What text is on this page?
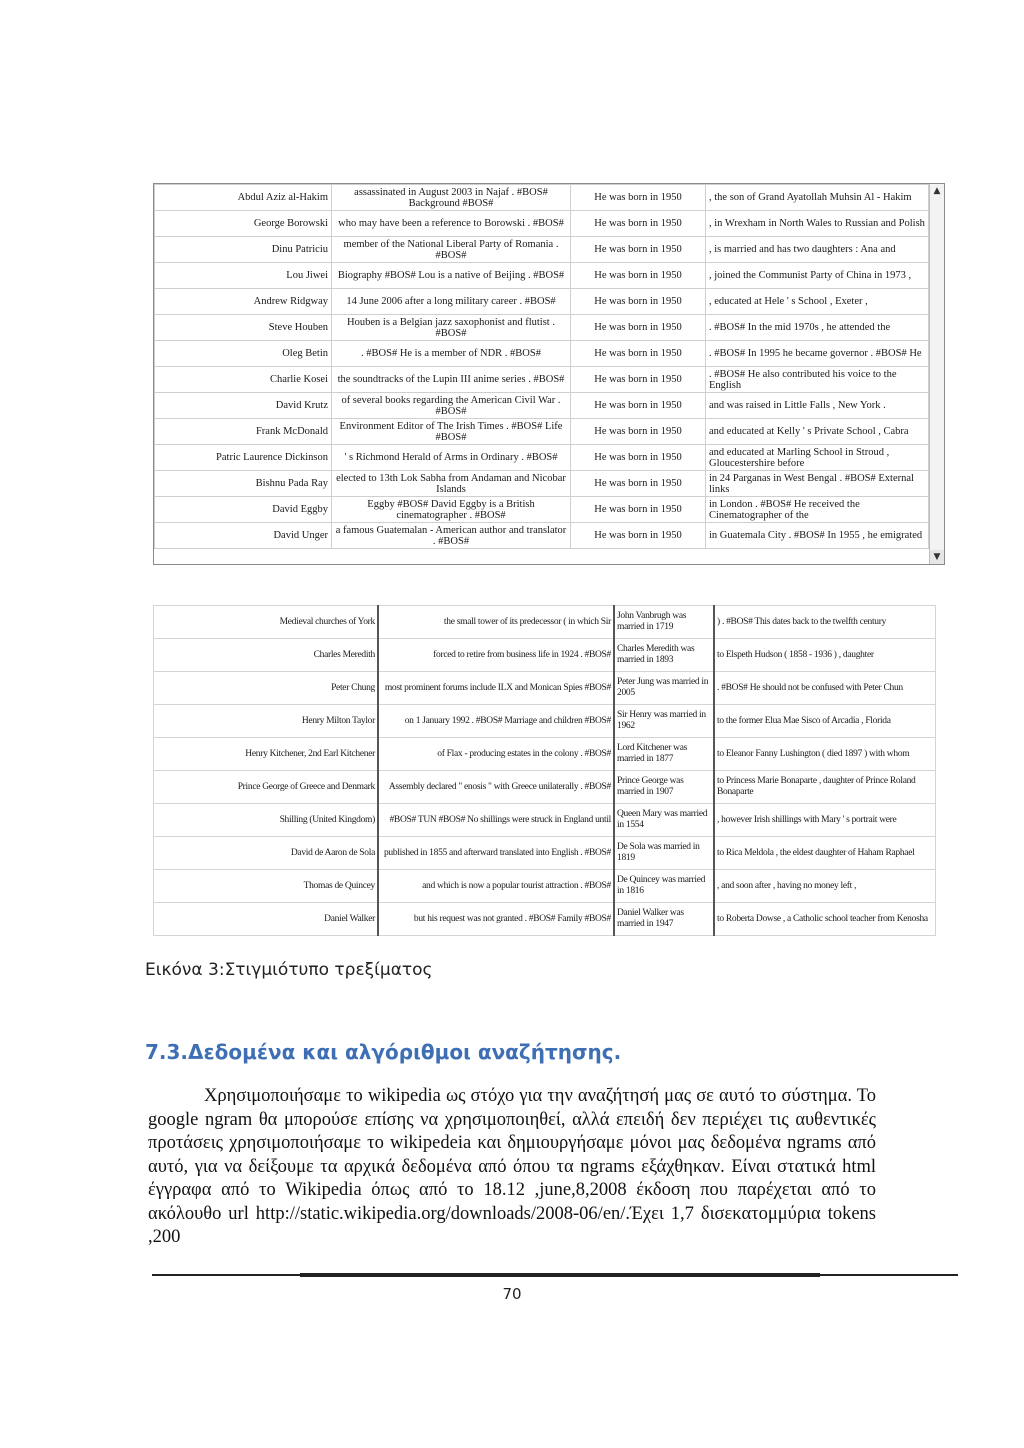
Abdul Aziz al-Hakim	assassinated in August 2003 in Najaf . #BOS# Background #BOS#	He was born in 1950	, the son of Grand Ayatollah Muhsin Al - Hakim
George Borowski	who may have been a reference to Borowski . #BOS#	He was born in 1950	, in Wrexham in North Wales to Russian and Polish
Dinu Patriciu	member of the National Liberal Party of Romania . #BOS#	He was born in 1950	, is married and has two daughters : Ana and
Lou Jiwei	Biography #BOS# Lou is a native of Beijing . #BOS#	He was born in 1950	, joined the Communist Party of China in 1973 ,
Andrew Ridgway	14 June 2006 after a long military career . #BOS#	He was born in 1950	, educated at Hele ' s School , Exeter ,
Steve Houben	Houben is a Belgian jazz saxophonist and flutist . #BOS#	He was born in 1950	. #BOS# In the mid 1970s , he attended the
Oleg Betin	. #BOS# He is a member of NDR . #BOS#	He was born in 1950	. #BOS# In 1995 he became governor . #BOS# He
Charlie Kosei	the soundtracks of the Lupin III anime series . #BOS#	He was born in 1950	. #BOS# He also contributed his voice to the English
David Krutz	of several books regarding the American Civil War . #BOS#	He was born in 1950	and was raised in Little Falls , New York .
Frank McDonald	Environment Editor of The Irish Times . #BOS# Life #BOS#	He was born in 1950	and educated at Kelly ' s Private School , Cabra
Patric Laurence Dickinson	' s Richmond Herald of Arms in Ordinary . #BOS#	He was born in 1950	and educated at Marling School in Stroud , Gloucestershire before
Bishnu Pada Ray	elected to 13th Lok Sabha from Andaman and Nicobar Islands	He was born in 1950	in 24 Parganas in West Bengal . #BOS# External links
David Eggby	Eggby #BOS# David Eggby is a British cinematographer . #BOS#	He was born in 1950	in London . #BOS# He received the Cinematographer of the
David Unger	a famous Guatemalan - American author and translator . #BOS#	He was born in 1950	in Guatemala City . #BOS# In 1955 , he emigrated
▲
▼
Medieval churches of York	the small tower of its predecessor ( in which Sir	John Vanbrugh was married in 1719	) . #BOS# This dates back to the twelfth century
Charles Meredith	forced to retire from business life in 1924 . #BOS#	Charles Meredith was married in 1893	to Elspeth Hudson ( 1858 - 1936 ) , daughter
Peter Chung	most prominent forums include ILX and Monican Spies #BOS#	Peter Jung was married in 2005	. #BOS# He should not be confused with Peter Chun
Henry Milton Taylor	on 1 January 1992 . #BOS# Marriage and children #BOS#	Sir Henry was married in 1962	to the former Elua Mae Sisco of Arcadia , Florida
Henry Kitchener, 2nd Earl Kitchener	of Flax - producing estates in the colony . #BOS#	Lord Kitchener was married in 1877	to Eleanor Fanny Lushington ( died 1897 ) with whom
Prince George of Greece and Denmark	Assembly declared " enosis " with Greece unilaterally . #BOS#	Prince George was married in 1907	to Princess Marie Bonaparte , daughter of Prince Roland Bonaparte
Shilling (United Kingdom)	#BOS# TUN #BOS# No shillings were struck in England until	Queen Mary was married in 1554	, however Irish shillings with Mary ' s portrait were
David de Aaron de Sola	published in 1855 and afterward translated into English . #BOS#	De Sola was married in 1819	to Rica Meldola , the eldest daughter of Haham Raphael
Thomas de Quincey	and which is now a popular tourist attraction . #BOS#	De Quincey was married in 1816	, and soon after , having no money left ,
Daniel Walker	but his request was not granted . #BOS# Family #BOS#	Daniel Walker was married in 1947	to Roberta Dowse , a Catholic school teacher from Kenosha
Εικόνα 3:Στιγμιότυπο τρεξίματος
7.3.Δεδομένα και αλγόριθμοι αναζήτησης.
Χρησιμοποιήσαμε το wikipedia ως στόχο για την αναζήτησή μας σε αυτό το σύστημα. Το google ngram θα μπορούσε επίσης να χρησιμοποιηθεί, αλλά επειδή δεν περιέχει τις αυθεντικές προτάσεις χρησιμοποιήσαμε το wikipedeia και δημιουργήσαμε μόνοι μας δεδομένα ngrams από αυτό, για να δείξουμε τα αρχικά δεδομένα από όπου τα ngrams εξάχθηκαν. Είναι στατικά html έγγραφα από το Wikipedia όπως από το 18.12 ,june,8,2008 έκδοση που παρέχεται από το ακόλουθο url http://static.wikipedia.org/downloads/2008-06/en/.Έχει 1,7 δισεκατομμύρια tokens ,200
70
